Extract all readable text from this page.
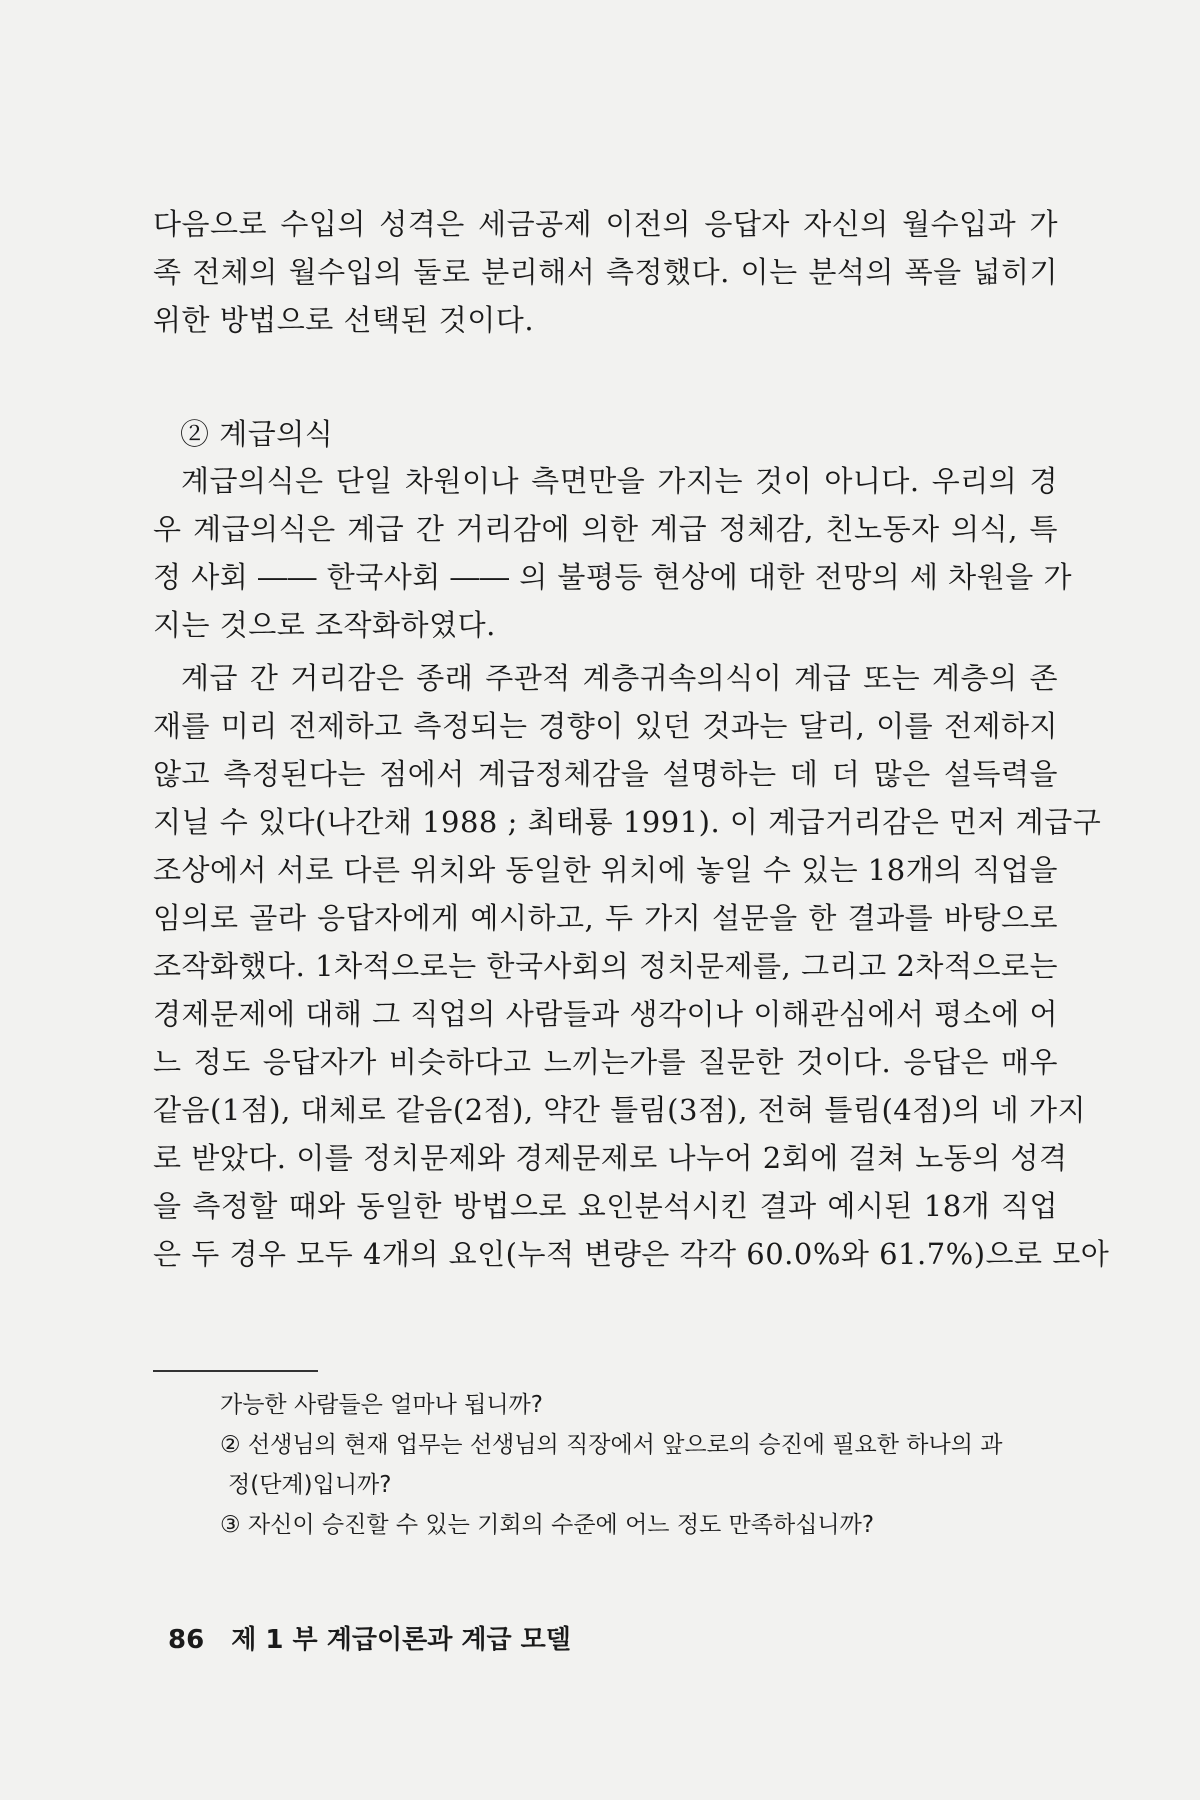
다음으로 수입의 성격은 세금공제 이전의 응답자 자신의 월수입과 가
족 전체의 월수입의 둘로 분리해서 측정했다. 이는 분석의 폭을 넓히기
위한 방법으로 선택된 것이다.
② 계급의식
계급의식은 단일 차원이나 측면만을 가지는 것이 아니다. 우리의 경
우 계급의식은 계급 간 거리감에 의한 계급 정체감, 친노동자 의식, 특
정 사회 ―― 한국사회 ―― 의 불평등 현상에 대한 전망의 세 차원을 가
지는 것으로 조작화하였다.
계급 간 거리감은 종래 주관적 계층귀속의식이 계급 또는 계층의 존
재를 미리 전제하고 측정되는 경향이 있던 것과는 달리, 이를 전제하지
않고 측정된다는 점에서 계급정체감을 설명하는 데 더 많은 설득력을
지닐 수 있다(나간채 1988 ; 최태룡 1991). 이 계급거리감은 먼저 계급구
조상에서 서로 다른 위치와 동일한 위치에 놓일 수 있는 18개의 직업을
임의로 골라 응답자에게 예시하고, 두 가지 설문을 한 결과를 바탕으로
조작화했다. 1차적으로는 한국사회의 정치문제를, 그리고 2차적으로는
경제문제에 대해 그 직업의 사람들과 생각이나 이해관심에서 평소에 어
느 정도 응답자가 비슷하다고 느끼는가를 질문한 것이다. 응답은 매우
같음(1점), 대체로 같음(2점), 약간 틀림(3점), 전혀 틀림(4점)의 네 가지
로 받았다. 이를 정치문제와 경제문제로 나누어 2회에 걸쳐 노동의 성격
을 측정할 때와 동일한 방법으로 요인분석시킨 결과 예시된 18개 직업
은 두 경우 모두 4개의 요인(누적 변량은 각각 60.0%와 61.7%)으로 모아
가능한 사람들은 얼마나 됩니까?
② 선생님의 현재 업무는 선생님의 직장에서 앞으로의 승진에 필요한 하나의 과
정(단계)입니까?
③ 자신이 승진할 수 있는 기회의 수준에 어느 정도 만족하십니까?
86 제 1 부 계급이론과 계급 모델
